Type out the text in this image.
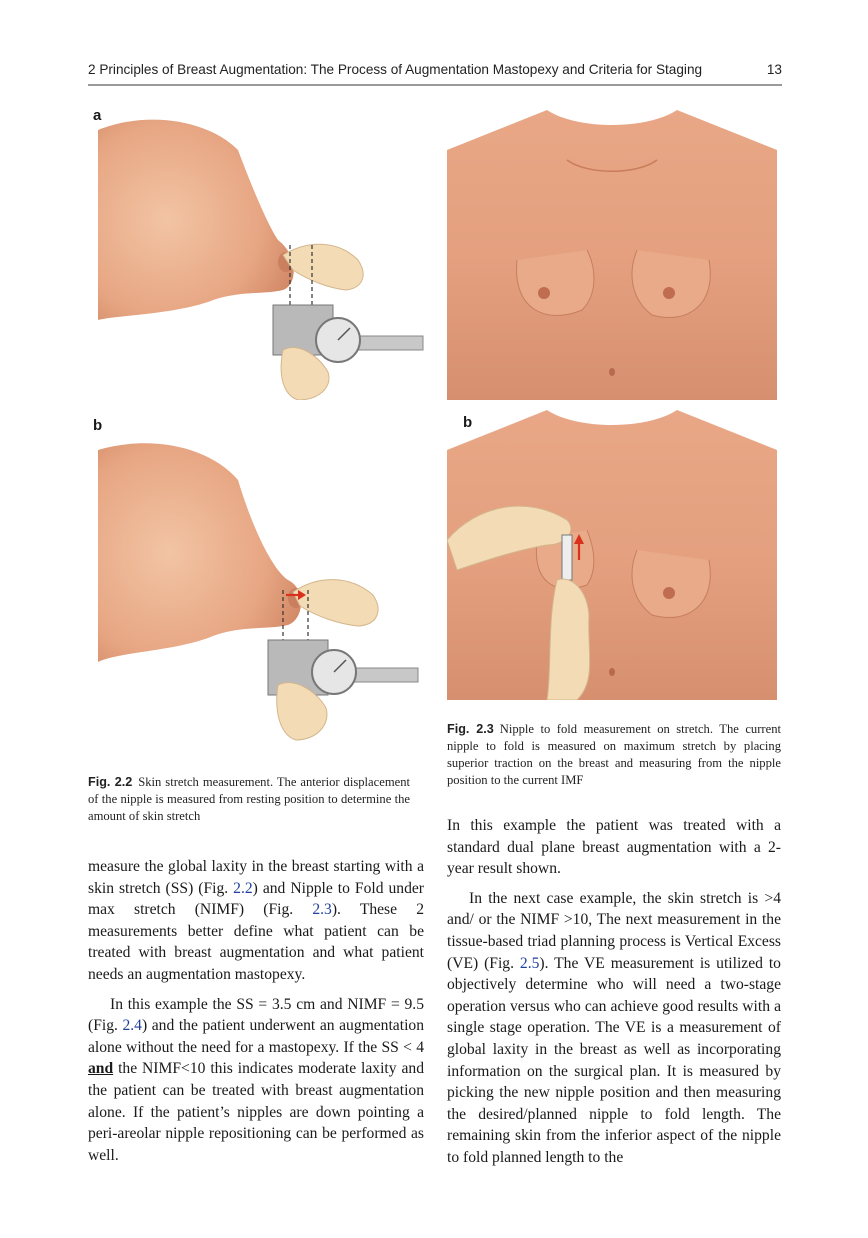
2 Principles of Breast Augmentation: The Process of Augmentation Mastopexy and Criteria for Staging	13
a
b	b
Fig. 2.2 Skin stretch measurement. The anterior displacement of the nipple is measured from resting position to determine the amount of skin stretch
Fig. 2.3 Nipple to fold measurement on stretch. The current nipple to fold is measured on maximum stretch by placing superior traction on the breast and measuring from the nipple position to the current IMF

measure the global laxity in the breast starting with a skin stretch (SS) (Fig. 2.2) and Nipple to Fold under max stretch (NIMF) (Fig. 2.3). These 2 measurements better define what patient can be treated with breast augmentation and what patient needs an augmentation mastopexy.

In this example the SS = 3.5 cm and NIMF = 9.5 (Fig. 2.4) and the patient underwent an augmentation alone without the need for a mastopexy. If the SS < 4 and the NIMF<10 this indicates moderate laxity and the patient can be treated with breast augmentation alone. If the patient’s nipples are down pointing a peri-areolar nipple repositioning can be performed as well.

In this example the patient was treated with a standard dual plane breast augmentation with a 2-year result shown.

In the next case example, the skin stretch is >4 and/ or the NIMF >10, The next measurement in the tissue-based triad planning process is Vertical Excess (VE) (Fig. 2.5). The VE measurement is utilized to objectively determine who will need a two-stage operation versus who can achieve good results with a single stage operation. The VE is a measurement of global laxity in the breast as well as incorporating information on the surgical plan. It is measured by picking the new nipple position and then measuring the desired/planned nipple to fold length. The remaining skin from the inferior aspect of the nipple to fold planned length to the
